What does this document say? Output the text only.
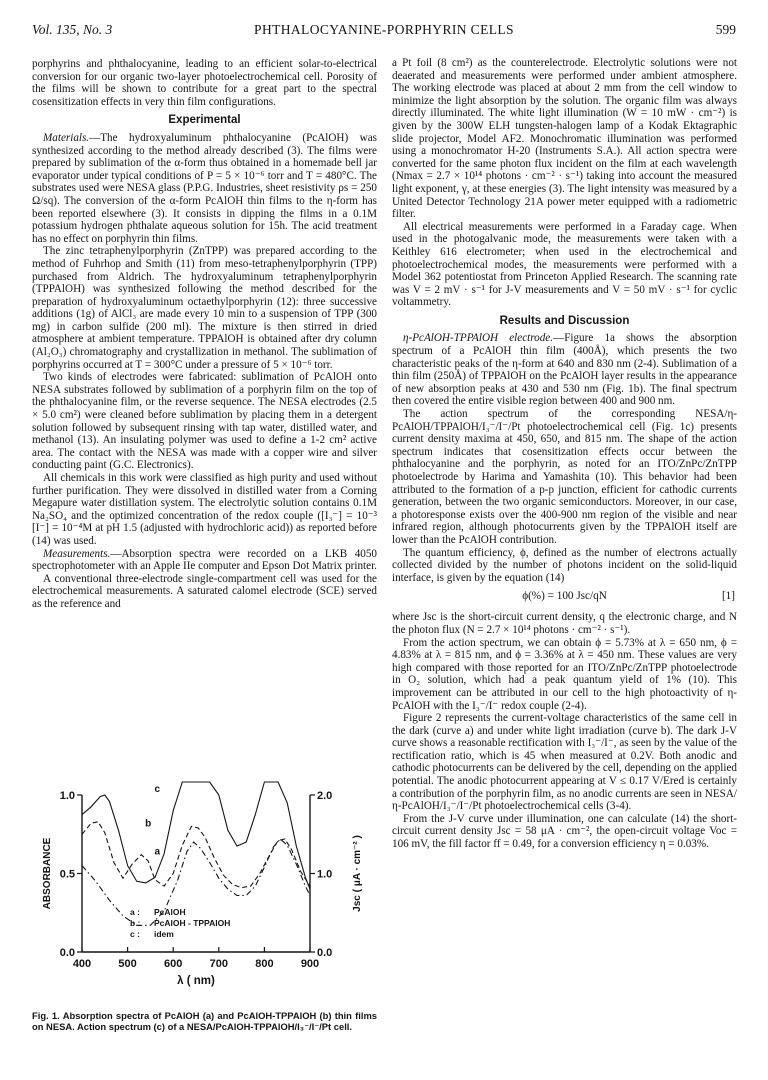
Vol. 135, No. 3	PHTHALOCYANINE-PORPHYRIN CELLS	599

porphyrins and phthalocyanine, leading to an efficient solar-to-electrical conversion for our organic two-layer photoelectrochemical cell. Porosity of the films will be shown to contribute for a great part to the spectral cosensitization effects in very thin film configurations.

Experimental

Materials.—The hydroxyaluminum phthalocyanine (PcAlOH) was synthesized according to the method already described (3). The films were prepared by sublimation of the α-form thus obtained in a homemade bell jar evaporator under typical conditions of P = 5 × 10⁻⁶ torr and T = 480°C. The substrates used were NESA glass (P.P.G. Industries, sheet resistivity ρs = 250 Ω/sq). The conversion of the α-form PcAlOH thin films to the η-form has been reported elsewhere (3). It consists in dipping the films in a 0.1M potassium hydrogen phthalate aqueous solution for 15h. The acid treatment has no effect on porphyrin thin films.

The zinc tetraphenylporphyrin (ZnTPP) was prepared according to the method of Fuhrhop and Smith (11) from meso-tetraphenylporphyrin (TPP) purchased from Aldrich. The hydroxyaluminum tetraphenylporphyrin (TPPAlOH) was synthesized following the method described for the preparation of hydroxyaluminum octaethylporphyrin (12): three successive additions (1g) of AlCl₃ are made every 10 min to a suspension of TPP (300 mg) in carbon sulfide (200 ml). The mixture is then stirred in dried atmosphere at ambient temperature. TPPAlOH is obtained after dry column (Al₂O₃) chromatography and crystallization in methanol. The sublimation of porphyrins occurred at T = 300°C under a pressure of 5 × 10⁻⁶ torr.

Two kinds of electrodes were fabricated: sublimation of PcAlOH onto NESA substrates followed by sublimation of a porphyrin film on the top of the phthalocyanine film, or the reverse sequence. The NESA electrodes (2.5 × 5.0 cm²) were cleaned before sublimation by placing them in a detergent solution followed by subsequent rinsing with tap water, distilled water, and methanol (13). An insulating polymer was used to define a 1-2 cm² active area. The contact with the NESA was made with a copper wire and silver conducting paint (G.C. Electronics).

All chemicals in this work were classified as high purity and used without further purification. They were dissolved in distilled water from a Corning Megapure water distillation system. The electrolytic solution contains 0.1M Na₂SO₄ and the optimized concentration of the redox couple ([I₃⁻] = 10⁻³ [I⁻] = 10⁻⁴M at pH 1.5 (adjusted with hydrochloric acid)) as reported before (14) was used.

Measurements.—Absorption spectra were recorded on a LKB 4050 spectrophotometer with an Apple IIe computer and Epson Dot Matrix printer.

A conventional three-electrode single-compartment cell was used for the electrochemical measurements. A saturated calomel electrode (SCE) served as the reference and

a Pt foil (8 cm²) as the counterelectrode. Electrolytic solutions were not deaerated and measurements were performed under ambient atmosphere. The working electrode was placed at about 2 mm from the cell window to minimize the light absorption by the solution. The organic film was always directly illuminated. The white light illumination (W = 10 mW · cm⁻²) is given by the 300W ELH tungsten-halogen lamp of a Kodak Ektagraphic slide projector, Model AF2. Monochromatic illumination was performed using a monochromator H-20 (Instruments S.A.). All action spectra were converted for the same photon flux incident on the film at each wavelength (Nmax = 2.7 × 10¹⁴ photons · cm⁻² · s⁻¹) taking into account the measured light exponent, γ, at these energies (3). The light intensity was measured by a United Detector Technology 21A power meter equipped with a radiometric filter.

All electrical measurements were performed in a Faraday cage. When used in the photogalvanic mode, the measurements were taken with a Keithley 616 electrometer; when used in the electrochemical and photoelectrochemical modes, the measurements were performed with a Model 362 potentiostat from Princeton Applied Research. The scanning rate was V = 2 mV · s⁻¹ for J-V measurements and V = 50 mV · s⁻¹ for cyclic voltammetry.

Results and Discussion

η-PcAlOH-TPPAlOH electrode.—Figure 1a shows the absorption spectrum of a PcAlOH thin film (400Å), which presents the two characteristic peaks of the η-form at 640 and 830 nm (2-4). Sublimation of a thin film (250Å) of TPPAlOH on the PcAlOH layer results in the appearance of new absorption peaks at 430 and 530 nm (Fig. 1b). The final spectrum then covered the entire visible region between 400 and 900 nm.

The action spectrum of the corresponding NESA/η-PcAlOH/TPPAlOH/I₃⁻/I⁻/Pt photoelectrochemical cell (Fig. 1c) presents current density maxima at 450, 650, and 815 nm. The shape of the action spectrum indicates that cosensitization effects occur between the phthalocyanine and the porphyrin, as noted for an ITO/ZnPc/ZnTPP photoelectrode by Harima and Yamashita (10). This behavior had been attributed to the formation of a p-p junction, efficient for cathodic currents generation, between the two organic semiconductors. Moreover, in our case, a photoresponse exists over the 400-900 nm region of the visible and near infrared region, although photocurrents given by the TPPAlOH itself are lower than the PcAlOH contribution.

The quantum efficiency, ϕ, defined as the number of electrons actually collected divided by the number of photons incident on the solid-liquid interface, is given by the equation (14)

ϕ(%) = 100 Jsc/qN	[1]

where Jsc is the short-circuit current density, q the electronic charge, and N the photon flux (N = 2.7 × 10¹⁴ photons · cm⁻² · s⁻¹).

From the action spectrum, we can obtain ϕ = 5.73% at λ = 650 nm, ϕ = 4.83% at λ = 815 nm, and ϕ = 3.36% at λ = 450 nm. These values are very high compared with those reported for an ITO/ZnPc/ZnTPP photoelectrode in O₂ solution, which had a peak quantum yield of 1% (10). This improvement can be attributed in our cell to the high photoactivity of η-PcAlOH with the I₃⁻/I⁻ redox couple (2-4).

Figure 2 represents the current-voltage characteristics of the same cell in the dark (curve a) and under white light irradiation (curve b). The dark J-V curve shows a reasonable rectification with I₃⁻/I⁻, as seen by the value of the rectification ratio, which is 45 when measured at 0.2V. Both anodic and cathodic photocurrents can be delivered by the cell, depending on the applied potential. The anodic photocurrent appearing at V ≤ 0.17 V/Ered is certainly a contribution of the porphyrin film, as no anodic currents are seen in NESA/η-PcAlOH/I₃⁻/I⁻/Pt photoelectrochemical cells (3-4).

From the J-V curve under illumination, one can calculate (14) the short-circuit current density Jsc = 58 μA · cm⁻², the open-circuit voltage Voc = 106 mV, the fill factor ff = 0.49, for a conversion efficiency η = 0.03%.

400 500 600 700 800 900
0.0
0.5
1.0
0.0
1.0
2.0
λ ( nm)
ABSORBANCE	Jsc ( μA · cm⁻² )
a
b
c
a : PcAlOH
b : PcAlOH - TPPAlOH
c : idem
Fig. 1. Absorption spectra of PcAlOH (a) and PcAlOH-TPPAlOH (b) thin films on NESA. Action spectrum (c) of a NESA/PcAlOH-TPPAlOH/I₃⁻/I⁻/Pt cell.
